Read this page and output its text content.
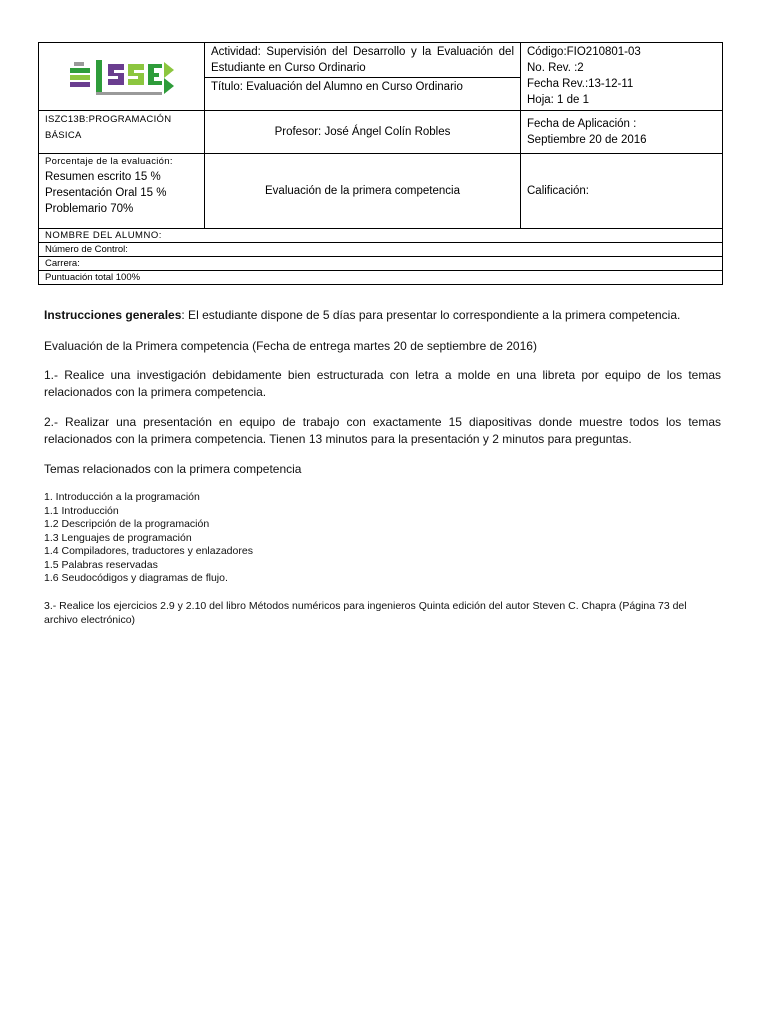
	Actividad: Supervisión del Desarrollo y la Evaluación del Estudiante en Curso Ordinario	Código:FIO210801-03
No. Rev. :2
Fecha Rev.:13-12-11
Hoja: 1 de 1

	Título: Evaluación del Alumno en Curso Ordinario	
ISZC13B:PROGRAMACIÓN BÁSICA	Profesor: José Ángel Colín Robles	Fecha de Aplicación :
Septiembre 20 de 2016

Porcentaje de la evaluación:
Resumen escrito 15 %
Presentación Oral 15 %
Problemario 70%	Evaluación de la primera competencia	Calificación:
NOMBRE DEL ALUMNO:		
Número de Control:		
Carrera:		
Puntuación total 100%		
Instrucciones generales: El estudiante dispone de 5 días para presentar lo correspondiente a la primera competencia.
Evaluación de la Primera competencia (Fecha de entrega martes 20 de septiembre de 2016)
1.- Realice una investigación debidamente bien estructurada con letra a molde en una libreta por equipo de los temas relacionados con la primera competencia.
2.- Realizar una presentación en equipo de trabajo con exactamente 15 diapositivas donde muestre todos los temas relacionados con la primera competencia. Tienen 13 minutos para la presentación y 2 minutos para preguntas.
Temas relacionados con la primera competencia
1. Introducción a la programación
1.1 Introducción
1.2 Descripción de la programación
1.3 Lenguajes de programación
1.4 Compiladores, traductores y enlazadores
1.5 Palabras reservadas
1.6 Seudocódigos y diagramas de flujo.
3.- Realice los ejercicios 2.9 y 2.10 del libro Métodos numéricos para ingenieros Quinta edición del autor Steven C. Chapra (Página 73 del archivo electrónico)
